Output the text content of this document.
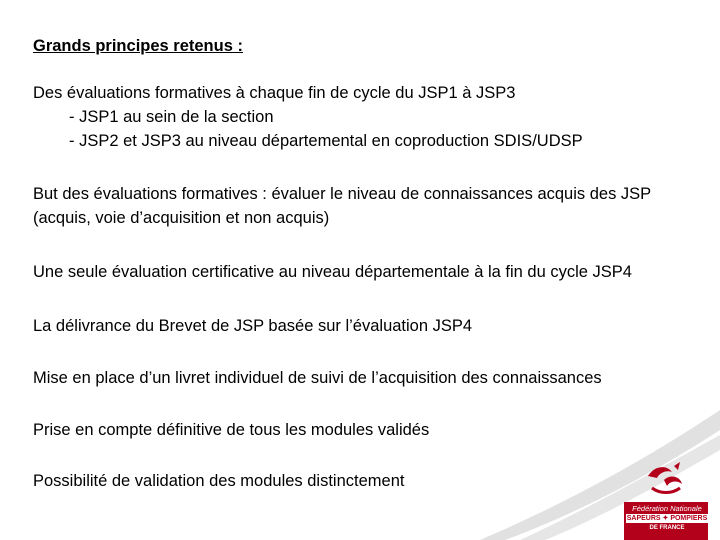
Grands principes retenus :
Des évaluations formatives à chaque fin de cycle du JSP1 à JSP3
- JSP1 au sein de la section
- JSP2 et JSP3 au niveau départemental en coproduction SDIS/UDSP
But des évaluations formatives : évaluer le niveau de connaissances acquis des JSP
(acquis, voie d’acquisition et non acquis)
Une seule évaluation certificative au niveau départementale à la fin du cycle JSP4
La délivrance du Brevet de JSP basée sur l’évaluation JSP4
Mise en place d’un livret individuel de suivi de l’acquisition des connaissances
Prise en compte définitive de tous les modules validés
Possibilité de validation des modules distinctement
Fédération Nationale
SAPEURS ✦ POMPIERS
DE FRANCE
